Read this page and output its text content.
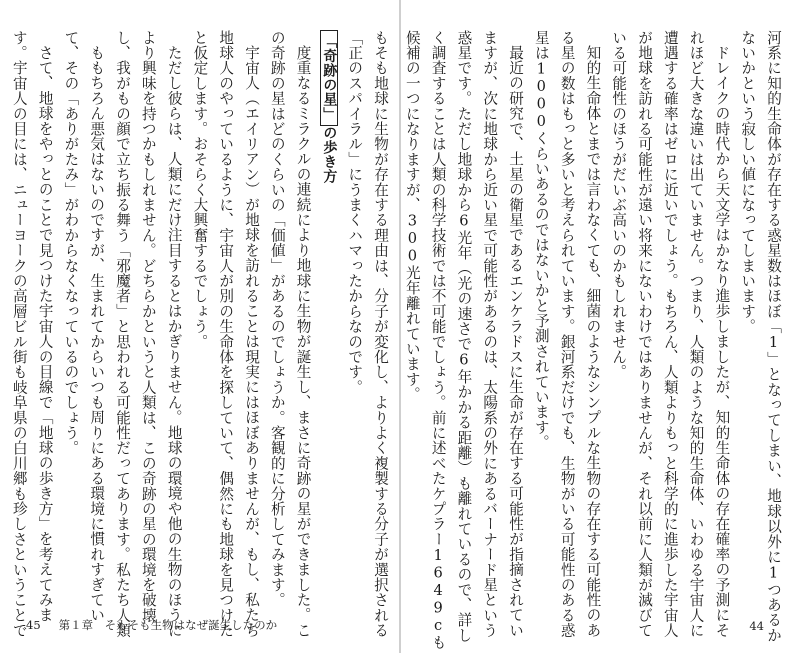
もそも地球に生物が存在する理由は、分子が変化し、よりよく複製する分子が選択される
「正のスパイラル」にうまくハマったからなのです。
「奇跡の星」の歩き方
度重なるミラクルの連続により地球に生物が誕生し、まさに奇跡の星ができました。こ
の奇跡の星はどのくらいの「価値」があるのでしょうか。客観的に分析してみます。
宇宙人（エイリアン）が地球を訪れることは現実にはほぼありませんが、もし、私たち
地球人のやっているように、宇宙人が別の生命体を探していて、偶然にも地球を見つけた
と仮定します。おそらく大興奮するでしょう。
ただし彼らは、人類にだけ注目するとはかぎりません。地球の環境や他の生物のほうに
より興味を持つかもしれません。どちらかというと人類は、この奇跡の星の環境を破壊
し、我がもの顔で立ち振る舞う「邪魔者」と思われる可能性だってあります。私たち人類
ももちろん悪気はないのですが、生まれてからいつも周りにある環境に慣れすぎてい
て、その「ありがたみ」がわからなくなっているのでしょう。
さて、地球をやっとのことで見つけた宇宙人の目線で「地球の歩き方」を考えてみま
す。宇宙人の目には、ニューヨークの高層ビル街も岐阜県の白川郷も珍しさということで
45 第１章　そもそも生物はなぜ誕生したのか	河系に知的生命体が存在する惑星数はほぼ「1」となってしまい、地球以外に1つあるか
ないかという寂しい値になってしまいます。
ドレイクの時代から天文学はかなり進歩しましたが、知的生命体の存在確率の予測にそ
れほど大きな違いは出ていません。つまり、人類のような知的生命体、いわゆる宇宙人に
遭遇する確率はゼロに近いでしょう。もちろん、人類よりもっと科学的に進歩した宇宙人
が地球を訪れる可能性が遠い将来にないわけではありませんが、それ以前に人類が滅びて
いる可能性のほうがだいぶ高いのかもしれません。
知的生命体とまでは言わなくても、細菌のようなシンプルな生物の存在する可能性のあ
る星の数はもっと多いと考えられています。銀河系だけでも、生物がいる可能性のある惑
星は1000くらいあるのではないかと予測されています。
最近の研究で、土星の衛星であるエンケラドスに生命が存在する可能性が指摘されてい
ますが、次に地球から近い星で可能性があるのは、太陽系の外にあるバーナード星という
惑星です。ただし地球から6光年（光の速さで6年かかる距離）も離れているので、詳し
く調査することは人類の科学技術では不可能でしょう。前に述べたケプラー1649cも
候補の一つになりますが、300光年離れています。
44
